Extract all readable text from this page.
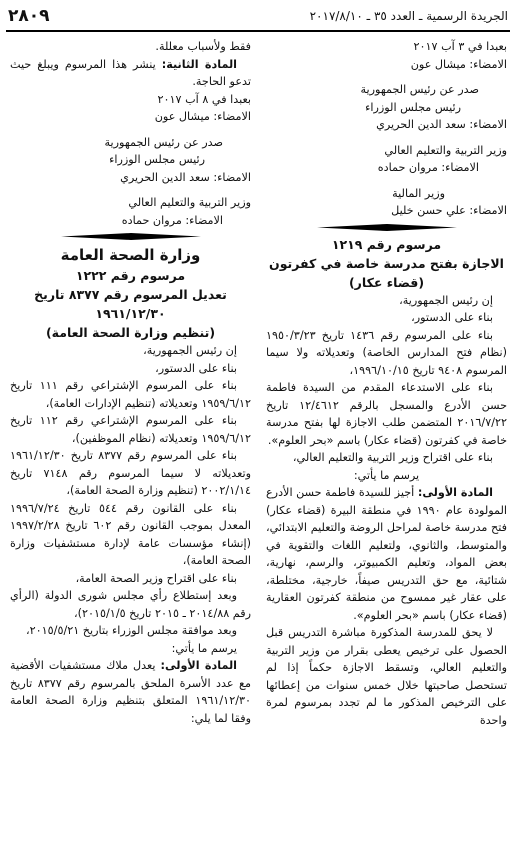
الجريدة الرسمية ـ العدد ٣٥ ـ ٢٠١٧/٨/١٠
٢٨٠٩

بعبدا في ٣ آب ٢٠١٧

الامضاء: ميشال عون

صدر عن رئيس الجمهورية

رئيس مجلس الوزراء

الامضاء: سعد الدين الحريري

وزير التربية والتعليم العالي

الامضاء: مروان حماده

وزير المالية

الامضاء: علي حسن خليل

مرسوم رقم ١٢١٩
الاجازة بفتح مدرسة خاصة في كفرتون
(قضاء عكار)

إن رئيس الجمهورية،

بناء على الدستور،

بناء على المرسوم رقم ١٤٣٦ تاريخ ١٩٥٠/٣/٢٣ (نظام فتح المدارس الخاصة) وتعديلاته ولا سيما المرسوم ٩٤٠٨ تاريخ ١٩٩٦/١٠/١٥،

بناء على الاستدعاء المقدم من السيدة فاطمة حسن الأدرع والمسجل بالرقم ١٢/٤٦١٢ تاريخ ٢٠١٦/٧/٢٢ المتضمن طلب الاجازة لها بفتح مدرسة خاصة في كفرتون (قضاء عكار) باسم «بحر العلوم».

بناء على اقتراح وزير التربية والتعليم العالي،

يرسم ما يأتي:

المادة الأولى: أجيز للسيدة فاطمة حسن الأدرع المولودة عام ١٩٩٠ في منطقة البيرة (قضاء عكار) فتح مدرسة خاصة لمراحل الروضة والتعليم الابتدائي، والمتوسط، والثانوي، ولتعليم اللغات والتقوية في بعض المواد، وتعليم الكمبيوتر، والرسم، نهارية، شتائية، مع حق التدريس صيفاً، خارجية، مختلطة، على عقار غير ممسوح من منطقة كفرتون العقارية (قضاء عكار) باسم «بحر العلوم».

لا يحق للمدرسة المذكورة مباشرة التدريس قبل الحصول على ترخيص يعطى بقرار من وزير التربية والتعليم العالي، وتسقط الاجازة حكماً إذا لم تستحصل صاحبتها خلال خمس سنوات من إعطائها على الترخيص المذكور ما لم تجدد بمرسوم لمرة واحدة

فقط ولأسباب معللة.

المادة الثانية: ينشر هذا المرسوم ويبلغ حيث تدعو الحاجة.

بعبدا في ٨ آب ٢٠١٧

الامضاء: ميشال عون

صدر عن رئيس الجمهورية

رئيس مجلس الوزراء

الامضاء: سعد الدين الحريري

وزير التربية والتعليم العالي

الامضاء: مروان حماده

وزارة الصحة العامة
مرسوم رقم ١٢٢٢
تعديل المرسوم رقم ٨٣٧٧ تاريخ ١٩٦١/١٢/٣٠
(تنظيم وزارة الصحة العامة)

إن رئيس الجمهورية،

بناء على الدستور،

بناء على المرسوم الإشتراعي رقم ١١١ تاريخ ١٩٥٩/٦/١٢ وتعديلاته (تنظيم الإدارات العامة)،

بناء على المرسوم الإشتراعي رقم ١١٢ تاريخ ١٩٥٩/٦/١٢ وتعديلاته (نظام الموظفين)،

بناء على المرسوم رقم ٨٣٧٧ تاريخ ١٩٦١/١٢/٣٠ وتعديلاته لا سيما المرسوم رقم ٧١٤٨ تاريخ ٢٠٠٢/١/١٤ (تنظيم وزارة الصحة العامة)،

بناء على القانون رقم ٥٤٤ تاريخ ١٩٩٦/٧/٢٤ المعدل بموجب القانون رقم ٦٠٢ تاريخ ١٩٩٧/٢/٢٨ (إنشاء مؤسسات عامة لإدارة مستشفيات وزارة الصحة العامة)،

بناء على اقتراح وزير الصحة العامة،

وبعد إستطلاع رأي مجلس شورى الدولة (الرأي رقم ٢٠١٤/٨٨ ـ ٢٠١٥ تاريخ ٢٠١٥/١/٥)،

وبعد موافقة مجلس الوزراء بتاريخ ٢٠١٥/٥/٢١،

يرسم ما يأتي:

المادة الأولى: يعدل ملاك مستشفيات الأقضية مع عدد الأسرة الملحق بالمرسوم رقم ٨٣٧٧ تاريخ ١٩٦١/١٢/٣٠ المتعلق بتنظيم وزارة الصحة العامة وفقا لما يلي:
